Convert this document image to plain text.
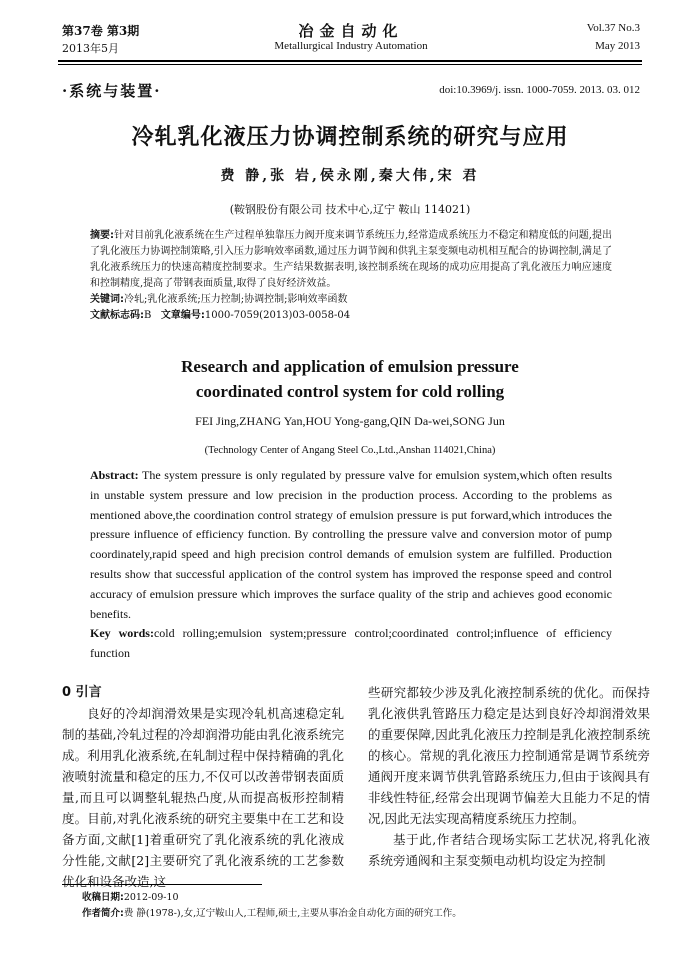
第37卷 第3期
2013年5月
冶金自动化
Metallurgical Industry Automation
Vol.37 No.3
May 2013
·系统与装置·	doi:10.3969/j. issn. 1000-7059. 2013. 03. 012
冷轧乳化液压力协调控制系统的研究与应用
费 静,张 岩,侯永刚,秦大伟,宋 君
(鞍钢股份有限公司 技术中心,辽宁 鞍山 114021)
摘要:针对目前乳化液系统在生产过程单独靠压力阀开度来调节系统压力,经常造成系统压力不稳定和精度低的问题,提出了乳化液压力协调控制策略,引入压力影响效率函数,通过压力调节阀和供乳主泵变频电动机相互配合的协调控制,满足了乳化液系统压力的快速高精度控制要求。生产结果数据表明,该控制系统在现场的成功应用提高了乳化液压力响应速度和控制精度,提高了带钢表面质量,取得了良好经济效益。
关键词:冷轧;乳化液系统;压力控制;协调控制;影响效率函数
文献标志码:B 文章编号:1000-7059(2013)03-0058-04
Research and application of emulsion pressure
coordinated control system for cold rolling
FEI Jing,ZHANG Yan,HOU Yong-gang,QIN Da-wei,SONG Jun
(Technology Center of Angang Steel Co.,Ltd.,Anshan 114021,China)
Abstract: The system pressure is only regulated by pressure valve for emulsion system,which often results in unstable system pressure and low precision in the production process. According to the problems as mentioned above,the coordination control strategy of emulsion pressure is put forward,which introduces the pressure influence of efficiency function. By controlling the pressure valve and conversion motor of pump coordinately,rapid speed and high precision control demands of emulsion system are fulfilled. Production results show that successful application of the control system has improved the response speed and control accuracy of emulsion pressure which improves the surface quality of the strip and achieves good economic benefits.
Key words:cold rolling;emulsion system;pressure control;coordinated control;influence of efficiency function
0 引言

良好的冷却润滑效果是实现冷轧机高速稳定轧制的基础,冷轧过程的冷却润滑功能由乳化液系统完成。利用乳化液系统,在轧制过程中保持精确的乳化液喷射流量和稳定的压力,不仅可以改善带钢表面质量,而且可以调整轧辊热凸度,从而提高板形控制精度。目前,对乳化液系统的研究主要集中在工艺和设备方面,文献[1]着重研究了乳化液系统的乳化液成分性能,文献[2]主要研究了乳化液系统的工艺参数优化和设备改造,这

些研究都较少涉及乳化液控制系统的优化。而保持乳化液供乳管路压力稳定是达到良好冷却润滑效果的重要保障,因此乳化液压力控制是乳化液控制系统的核心。常规的乳化液压力控制通常是调节系统旁通阀开度来调节供乳管路系统压力,但由于该阀具有非线性特征,经常会出现调节偏差大且能力不足的情况,因此无法实现高精度系统压力控制。

基于此,作者结合现场实际工艺状况,将乳化液系统旁通阀和主泵变频电动机均设定为控制

收稿日期:2012-09-10
作者简介:费 静(1978-),女,辽宁鞍山人,工程师,硕士,主要从事冶金自动化方面的研究工作。
